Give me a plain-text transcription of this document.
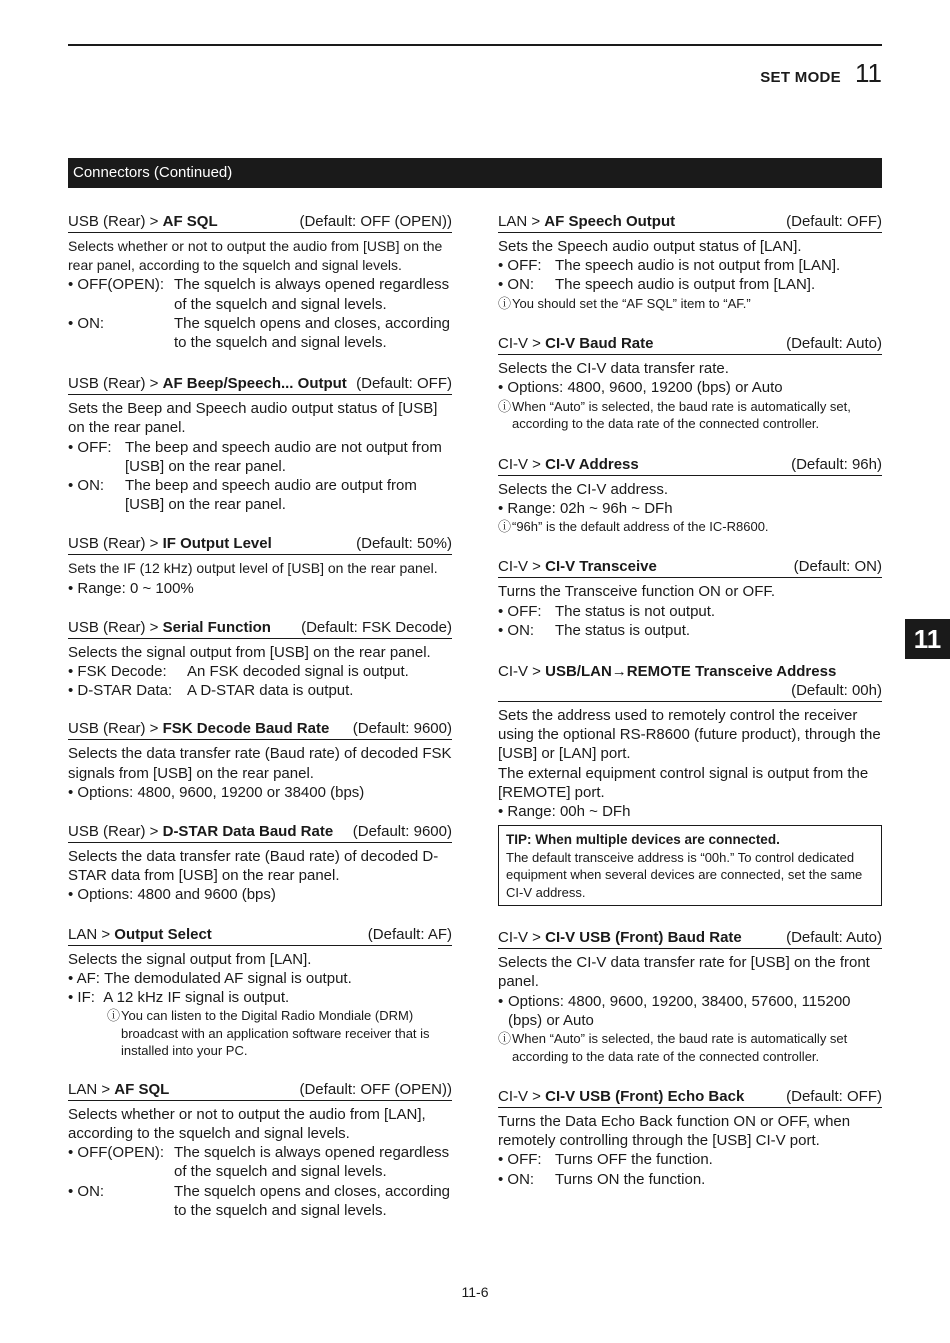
SET MODE 11
Connectors (Continued)
11
USB (Rear) > AF SQL	(Default: OFF (OPEN))

Selects whether or not to output the audio from [USB] on the rear panel, according to the squelch and signal levels.

• OFF(OPEN): The squelch is always opened regardless of the squelch and signal levels.
• ON:	The squelch opens and closes, according to the squelch and signal levels.
USB (Rear) > AF Beep/Speech... Output (Default: OFF)

Sets the Beep and Speech audio output status of [USB] on the rear panel.

• OFF: The beep and speech audio are not output from [USB] on the rear panel.
• ON:	The beep and speech audio are output from [USB] on the rear panel.
USB (Rear) > IF Output Level	(Default: 50%)

Sets the IF (12 kHz) output level of [USB] on the rear panel.

• Range: 0 ~ 100%
USB (Rear) > Serial Function (Default: FSK Decode)

Selects the signal output from [USB] on the rear panel.

• FSK Decode:	An FSK decoded signal is output.
• D-STAR Data: A D-STAR data is output.
USB (Rear) > FSK Decode Baud Rate (Default: 9600)

Selects the data transfer rate (Baud rate) of decoded FSK signals from [USB] on the rear panel.

• Options: 4800, 9600, 19200 or 38400 (bps)
USB (Rear) > D-STAR Data Baud Rate (Default: 9600)

Selects the data transfer rate (Baud rate) of decoded D-STAR data from [USB] on the rear panel.

• Options: 4800 and 9600 (bps)
LAN > Output Select	(Default: AF)

Selects the signal output from [LAN].

• AF: The demodulated AF signal is output.
• IF: A 12 kHz IF signal is output.
ⓘ You can listen to the Digital Radio Mondiale (DRM) broadcast with an application software receiver that is installed into your PC.
LAN > AF SQL	(Default: OFF (OPEN))

Selects whether or not to output the audio from [LAN], according to the squelch and signal levels.

• OFF(OPEN): The squelch is always opened regardless of the squelch and signal levels.
• ON:	The squelch opens and closes, according to the squelch and signal levels.
LAN > AF Speech Output	(Default: OFF)

Sets the Speech audio output status of [LAN].

• OFF: The speech audio is not output from [LAN].
• ON: The speech audio is output from [LAN].
ⓘ You should set the “AF SQL” item to “AF.”
CI-V > CI-V Baud Rate	(Default: Auto)

Selects the CI-V data transfer rate.

• Options: 4800, 9600, 19200 (bps) or Auto
ⓘ When “Auto” is selected, the baud rate is automatically set, according to the data rate of the connected controller.
CI-V > CI-V Address	(Default: 96h)

Selects the CI-V address.

• Range: 02h ~ 96h ~ DFh
ⓘ “96h” is the default address of the IC-R8600.
CI-V > CI-V Transceive	(Default: ON)

Turns the Transceive function ON or OFF.

• OFF: The status is not output.
• ON: The status is output.
CI-V > USB/LAN→REMOTE Transceive Address
(Default: 00h)

Sets the address used to remotely control the receiver using the optional RS-R8600 (future product), through the [USB] or [LAN] port.

The external equipment control signal is output from the [REMOTE] port.

• Range: 00h ~ DFh
TIP: When multiple devices are connected.
The default transceive address is “00h.” To control dedicated equipment when several devices are connected, set the same CI-V address.
CI-V > CI-V USB (Front) Baud Rate	(Default: Auto)

Selects the CI-V data transfer rate for [USB] on the front panel.

• Options: 4800, 9600, 19200, 38400, 57600, 115200 (bps) or Auto
ⓘ When “Auto” is selected, the baud rate is automatically set according to the data rate of the connected controller.
CI-V > CI-V USB (Front) Echo Back	(Default: OFF)

Turns the Data Echo Back function ON or OFF, when remotely controlling through the [USB] CI-V port.

• OFF: Turns OFF the function.
• ON: Turns ON the function.
11-6
